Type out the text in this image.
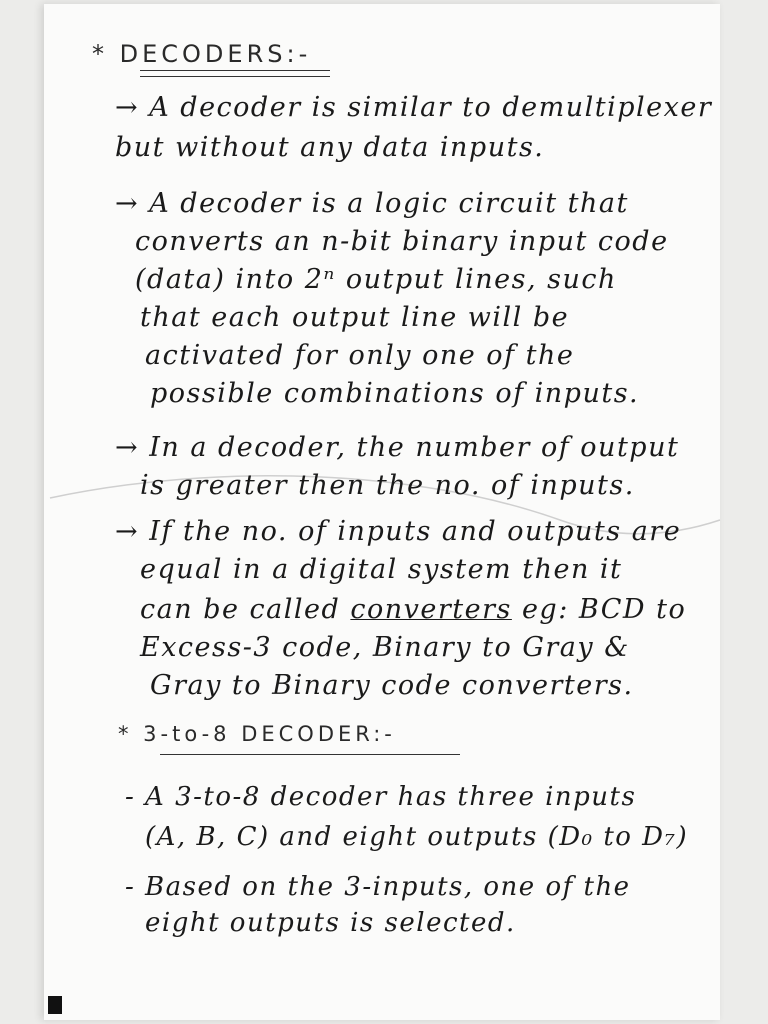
* DECODERS:-
→ A decoder is similar to demultiplexer
but without any data inputs.
→ A decoder is a logic circuit that
converts an n-bit binary input code
(data) into 2ⁿ output lines, such
that each output line will be
activated for only one of the
possible combinations of inputs.
→ In a decoder, the number of output
is greater then the no. of inputs.
→ If the no. of inputs and outputs are
equal in a digital system then it
can be called converters eg: BCD to
Excess-3 code, Binary to Gray &
Gray to Binary code converters.
* 3-to-8 DECODER:-
- A 3-to-8 decoder has three inputs
(A, B, C) and eight outputs (D₀ to D₇)
- Based on the 3-inputs, one of the
eight outputs is selected.
